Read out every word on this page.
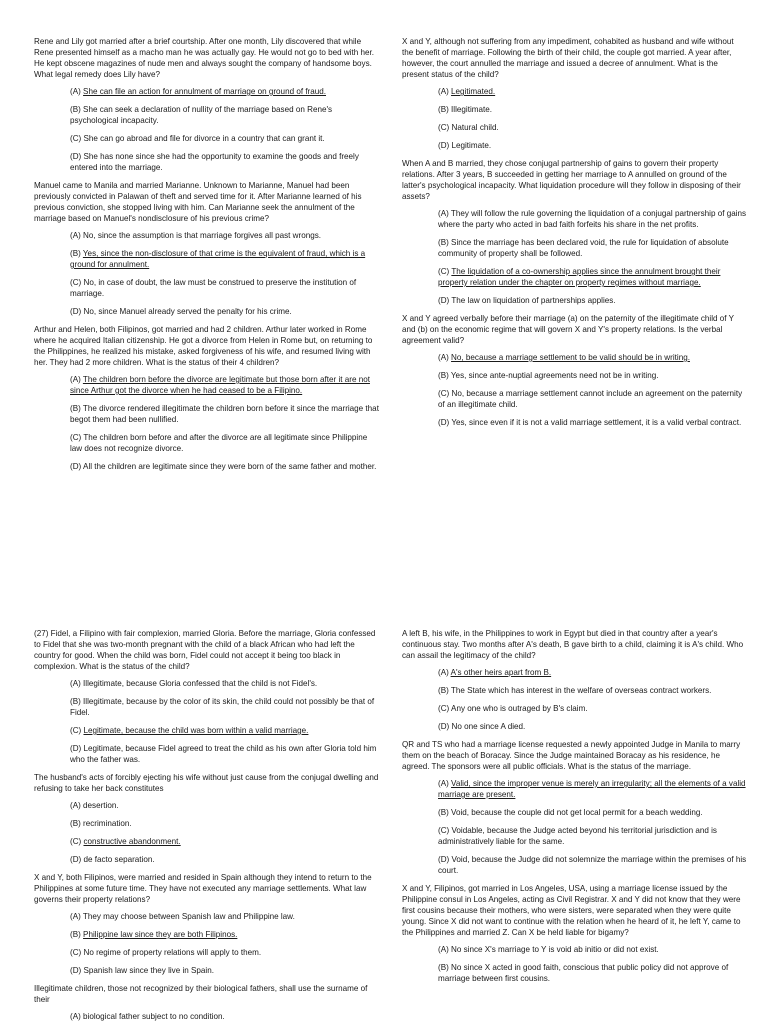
Rene and Lily got married after a brief courtship. After one month, Lily discovered that while Rene presented himself as a macho man he was actually gay. He would not go to bed with her. He kept obscene magazines of nude men and always sought the company of handsome boys. What legal remedy does Lily have?
(A) She can file an action for annulment of marriage on ground of fraud.
(B) She can seek a declaration of nullity of the marriage based on Rene's psychological incapacity.
(C) She can go abroad and file for divorce in a country that can grant it.
(D) She has none since she had the opportunity to examine the goods and freely entered into the marriage.
Manuel came to Manila and married Marianne. Unknown to Marianne, Manuel had been previously convicted in Palawan of theft and served time for it. After Marianne learned of his previous conviction, she stopped living with him. Can Marianne seek the annulment of the marriage based on Manuel's nondisclosure of his previous crime?
(A) No, since the assumption is that marriage forgives all past wrongs.
(B) Yes, since the non-disclosure of that crime is the equivalent of fraud, which is a ground for annulment.
(C) No, in case of doubt, the law must be construed to preserve the institution of marriage.
(D) No, since Manuel already served the penalty for his crime.
Arthur and Helen, both Filipinos, got married and had 2 children. Arthur later worked in Rome where he acquired Italian citizenship. He got a divorce from Helen in Rome but, on returning to the Philippines, he realized his mistake, asked forgiveness of his wife, and resumed living with her. They had 2 more children. What is the status of their 4 children?
(A) The children born before the divorce are legitimate but those born after it are not since Arthur got the divorce when he had ceased to be a Filipino.
(B) The divorce rendered illegitimate the children born before it since the marriage that begot them had been nullified.
(C) The children born before and after the divorce are all legitimate since Philippine law does not recognize divorce.
(D) All the children are legitimate since they were born of the same father and mother.
X and Y, although not suffering from any impediment, cohabited as husband and wife without the benefit of marriage. Following the birth of their child, the couple got married. A year after, however, the court annulled the marriage and issued a decree of annulment. What is the present status of the child?
(A) Legitimated.
(B) Illegitimate.
(C) Natural child.
(D) Legitimate.
When A and B married, they chose conjugal partnership of gains to govern their property relations. After 3 years, B succeeded in getting her marriage to A annulled on ground of the latter's psychological incapacity. What liquidation procedure will they follow in disposing of their assets?
(A) They will follow the rule governing the liquidation of a conjugal partnership of gains where the party who acted in bad faith forfeits his share in the net profits.
(B) Since the marriage has been declared void, the rule for liquidation of absolute community of property shall be followed.
(C) The liquidation of a co-ownership applies since the annulment brought their property relation under the chapter on property regimes without marriage.
(D) The law on liquidation of partnerships applies.
X and Y agreed verbally before their marriage (a) on the paternity of the illegitimate child of Y and (b) on the economic regime that will govern X and Y's property relations. Is the verbal agreement valid?
(A) No, because a marriage settlement to be valid should be in writing.
(B) Yes, since ante-nuptial agreements need not be in writing.
(C) No, because a marriage settlement cannot include an agreement on the paternity of an illegitimate child.
(D) Yes, since even if it is not a valid marriage settlement, it is a valid verbal contract.
(27) Fidel, a Filipino with fair complexion, married Gloria. Before the marriage, Gloria confessed to Fidel that she was two-month pregnant with the child of a black African who had left the country for good. When the child was born, Fidel could not accept it being too black in complexion. What is the status of the child?
(A) Illegitimate, because Gloria confessed that the child is not Fidel's.
(B) Illegitimate, because by the color of its skin, the child could not possibly be that of Fidel.
(C) Legitimate, because the child was born within a valid marriage.
(D) Legitimate, because Fidel agreed to treat the child as his own after Gloria told him who the father was.
The husband's acts of forcibly ejecting his wife without just cause from the conjugal dwelling and refusing to take her back constitutes
(A) desertion.
(B) recrimination.
(C) constructive abandonment.
(D) de facto separation.
X and Y, both Filipinos, were married and resided in Spain although they intend to return to the Philippines at some future time. They have not executed any marriage settlements. What law governs their property relations?
(A) They may choose between Spanish law and Philippine law.
(B) Philippine law since they are both Filipinos.
(C) No regime of property relations will apply to them.
(D) Spanish law since they live in Spain.
Illegitimate children, those not recognized by their biological fathers, shall use the surname of their
(A) biological father subject to no condition.
A left B, his wife, in the Philippines to work in Egypt but died in that country after a year's continuous stay. Two months after A's death, B gave birth to a child, claiming it is A's child. Who can assail the legitimacy of the child?
(A) A's other heirs apart from B.
(B) The State which has interest in the welfare of overseas contract workers.
(C) Any one who is outraged by B's claim.
(D) No one since A died.
QR and TS who had a marriage license requested a newly appointed Judge in Manila to marry them on the beach of Boracay. Since the Judge maintained Boracay as his residence, he agreed. The sponsors were all public officials. What is the status of the marriage.
(A) Valid, since the improper venue is merely an irregularity; all the elements of a valid marriage are present.
(B) Void, because the couple did not get local permit for a beach wedding.
(C) Voidable, because the Judge acted beyond his territorial jurisdiction and is administratively liable for the same.
(D) Void, because the Judge did not solemnize the marriage within the premises of his court.
X and Y, Filipinos, got married in Los Angeles, USA, using a marriage license issued by the Philippine consul in Los Angeles, acting as Civil Registrar. X and Y did not know that they were first cousins because their mothers, who were sisters, were separated when they were quite young. Since X did not want to continue with the relation when he heard of it, he left Y, came to the Philippines and married Z. Can X be held liable for bigamy?
(A) No since X's marriage to Y is void ab initio or did not exist.
(B) No since X acted in good faith, conscious that public policy did not approve of marriage between first cousins.
